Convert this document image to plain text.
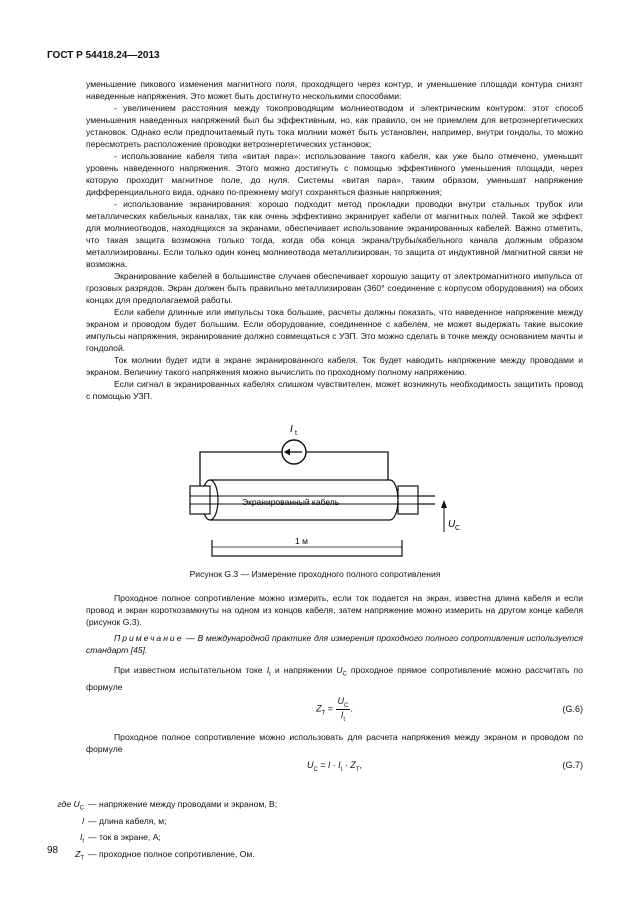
ГОСТ Р 54418.24—2013

уменьшение пикового изменения магнитного поля, проходящего через контур, и уменьшение площади контура снизят наведенные напряжения. Это может быть достигнуто несколькими способами:

- увеличением расстояния между токопроводящим молниеотводом и электрическим контуром: этот способ уменьшения наведенных напряжений был бы эффективным, но, как правило, он не приемлем для ветроэнергетических установок. Однако если предпочитаемый путь тока молнии может быть установлен, например, внутри гондолы, то можно пересмотреть расположение проводки ветроэнергетических установок;

- использование кабеля типа «витая пара»: использование такого кабеля, как уже было отмечено, уменьшит уровень наведенного напряжения. Этого можно достигнуть с помощью эффективного уменьшения площади, через которую проходит магнитное поле, до нуля. Системы «витая пара», таким образом, уменьшат напряжение дифференциального вида, однако по-прежнему могут сохраняться фазные напряжения;

- использование экранирования: хорошо подходит метод прокладки проводки внутри стальных трубок или металлических кабельных каналах, так как очень эффективно экранирует кабели от магнитных полей. Такой же эффект для молниеотводов, находящихся за экранами, обеспечивает использование экранированных кабелей. Важно отметить, что такая защита возможна только тогда, когда оба конца экрана/трубы/кабельного канала должным образом металлизированы. Если только один конец молниеотвода металлизирован, то защита от индуктивной /магнитной связи не возможна.

Экранирование кабелей в большинстве случаев обеспечивает хорошую защиту от электромагнитного импульса от грозовых разрядов. Экран должен быть правильно металлизирован (360° соединение с корпусом оборудования) на обоих концах для предполагаемой работы.

Если кабели длинные или импульсы тока большие, расчеты должны показать, что наведенное напряжение между экраном и проводом будет большим. Если оборудование, соединенное с кабелем, не может выдержать такие высокие импульсы напряжения, экранирование должно совмещаться с УЗП. Это можно сделать в точке между основанием мачты и гондолой.

Ток молнии будет идти в экране экранированного кабеля. Ток будет наводить напряжение между проводами и экраном. Величину такого напряжения можно вычислить по проходному полному напряжению.

Если сигнал в экранированных кабелях слишком чувствителен, может возникнуть необходимость защитить провод с помощью УЗП.

I t
U C
Экранированный кабель
1 м
Рисунок G.3 — Измерение проходного полного сопротивления

Проходное полное сопротивление можно измерить, если ток подается на экран, известна длина кабеля и если провод и экран короткозамкнуты на одном из концов кабеля, затем напряжение можно измерить на другом конце кабеля (рисунок G.3).

Примечание — В международной практике для измерения проходного полного сопротивления используется стандарт [45].

При известном испытательном токе $I_t$ и напряжении $U_C$ проходное прямое сопротивление можно рассчитать по формуле

$Z_T = \frac{U_C}{I_t}$ .	(G.6)

Проходное полное сопротивление можно использовать для расчета напряжения между экраном и проводом по формуле

$U_C = l \cdot I_t \cdot Z_T$,	(G.7)
где $U_C$ — напряжение между проводами и экраном, В;
l — длина кабеля, м;
$I_t$ — ток в экране, А;
$Z_T$ — проходное полное сопротивление, Ом.
98
